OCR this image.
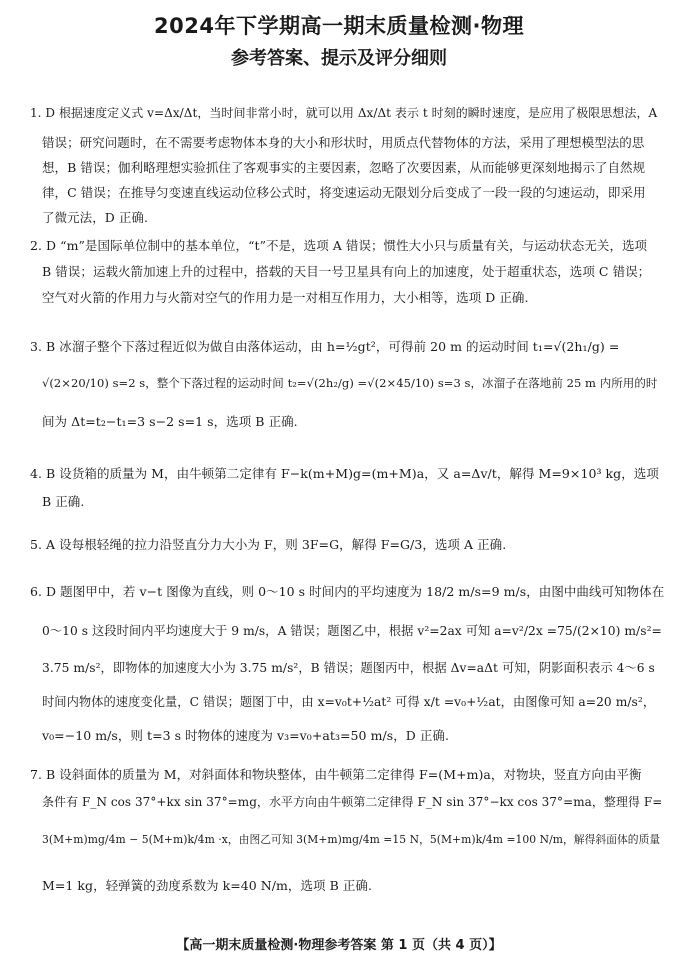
2024年下学期高一期末质量检测·物理
参考答案、提示及评分细则
1. D 根据速度定义式 v=Δx/Δt，当时间非常小时，就可以用 Δx/Δt 表示 t 时刻的瞬时速度，是应用了极限思想法，A
错误；研究问题时，在不需要考虑物体本身的大小和形状时，用质点代替物体的方法，采用了理想模型法的思
想，B 错误；伽利略理想实验抓住了客观事实的主要因素，忽略了次要因素，从而能够更深刻地揭示了自然规
律，C 错误；在推导匀变速直线运动位移公式时，将变速运动无限划分后变成了一段一段的匀速运动，即采用
了微元法，D 正确.
2. D “m”是国际单位制中的基本单位，“t”不是，选项 A 错误；惯性大小只与质量有关，与运动状态无关，选项
B 错误；运载火箭加速上升的过程中，搭载的天目一号卫星具有向上的加速度，处于超重状态，选项 C 错误；
空气对火箭的作用力与火箭对空气的作用力是一对相互作用力，大小相等，选项 D 正确.
3. B 冰溜子整个下落过程近似为做自由落体运动，由 h=½gt²，可得前 20 m 的运动时间 t₁=√(2h₁/g) =
√(2×20/10) s=2 s，整个下落过程的运动时间 t₂=√(2h₂/g) =√(2×45/10) s=3 s，冰溜子在落地前 25 m 内所用的时
间为 Δt=t₂−t₁=3 s−2 s=1 s，选项 B 正确.
4. B 设货箱的质量为 M，由牛顿第二定律有 F−k(m+M)g=(m+M)a，又 a=Δv/t，解得 M=9×10³ kg，选项
B 正确.
5. A 设每根轻绳的拉力沿竖直分力大小为 F，则 3F=G，解得 F=G/3，选项 A 正确.
6. D 题图甲中，若 v−t 图像为直线，则 0～10 s 时间内的平均速度为 18/2 m/s=9 m/s，由图中曲线可知物体在
0～10 s 这段时间内平均速度大于 9 m/s，A 错误；题图乙中，根据 v²=2ax 可知 a=v²/2x =75/(2×10) m/s²=
3.75 m/s²，即物体的加速度大小为 3.75 m/s²，B 错误；题图丙中，根据 Δv=aΔt 可知，阴影面积表示 4～6 s
时间内物体的速度变化量，C 错误；题图丁中，由 x=v₀t+½at² 可得 x/t =v₀+½at，由图像可知 a=20 m/s²，
v₀=−10 m/s，则 t=3 s 时物体的速度为 v₃=v₀+at₃=50 m/s，D 正确.
7. B 设斜面体的质量为 M，对斜面体和物块整体，由牛顿第二定律得 F=(M+m)a，对物块，竖直方向由平衡
条件有 F_N cos 37°+kx sin 37°=mg，水平方向由牛顿第二定律得 F_N sin 37°−kx cos 37°=ma，整理得 F=
3(M+m)mg/4m − 5(M+m)k/4m ·x，由图乙可知 3(M+m)mg/4m =15 N，5(M+m)k/4m =100 N/m，解得斜面体的质量
M=1 kg，轻弹簧的劲度系数为 k=40 N/m，选项 B 正确.
【高一期末质量检测·物理参考答案 第 1 页（共 4 页）】
